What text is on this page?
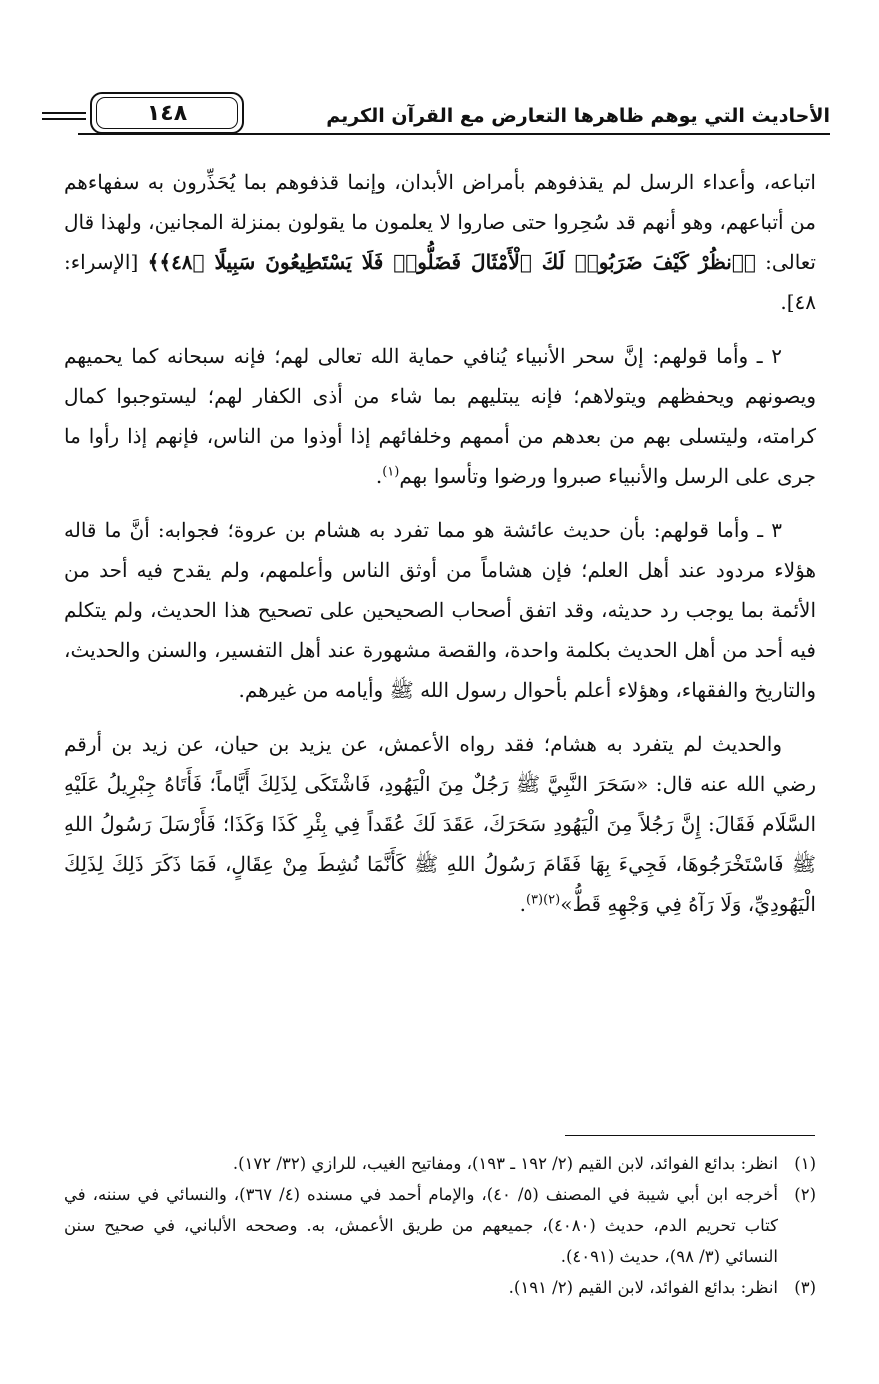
الأحاديث التي يوهم ظاهرها التعارض مع القرآن الكريم
١٤٨

اتباعه، وأعداء الرسل لم يقذفوهم بأمراض الأبدان، وإنما قذفوهم بما يُحَذِّرون به سفهاءهم من أتباعهم، وهو أنهم قد سُحِروا حتى صاروا لا يعلمون ما يقولون بمنزلة المجانين، ولهذا قال تعالى: ﴿ٱنظُرْ كَيْفَ ضَرَبُوا۟ لَكَ ٱلْأَمْثَالَ فَضَلُّوا۟ فَلَا يَسْتَطِيعُونَ سَبِيلًا ﴿٤٨﴾﴾ [الإسراء: ٤٨].

٢ ـ وأما قولهم: إنَّ سحر الأنبياء يُنافي حماية الله تعالى لهم؛ فإنه سبحانه كما يحميهم ويصونهم ويحفظهم ويتولاهم؛ فإنه يبتليهم بما شاء من أذى الكفار لهم؛ ليستوجبوا كمال كرامته، وليتسلى بهم من بعدهم من أممهم وخلفائهم إذا أوذوا من الناس، فإنهم إذا رأوا ما جرى على الرسل والأنبياء صبروا ورضوا وتأسوا بهم$^{(١)}$.

٣ ـ وأما قولهم: بأن حديث عائشة هو مما تفرد به هشام بن عروة؛ فجوابه: أنَّ ما قاله هؤلاء مردود عند أهل العلم؛ فإن هشاماً من أوثق الناس وأعلمهم، ولم يقدح فيه أحد من الأئمة بما يوجب رد حديثه، وقد اتفق أصحاب الصحيحين على تصحيح هذا الحديث، ولم يتكلم فيه أحد من أهل الحديث بكلمة واحدة، والقصة مشهورة عند أهل التفسير، والسنن والحديث، والتاريخ والفقهاء، وهؤلاء أعلم بأحوال رسول الله ﷺ وأيامه من غيرهم.

والحديث لم يتفرد به هشام؛ فقد رواه الأعمش، عن يزيد بن حيان، عن زيد بن أرقم رضي الله عنه قال: «سَحَرَ النَّبِيَّ ﷺ رَجُلٌ مِنَ الْيَهُودِ، فَاشْتَكَى لِذَلِكَ أَيَّاماً؛ فَأَتَاهُ جِبْرِيلُ عَلَيْهِ السَّلَام فَقَالَ: إِنَّ رَجُلاً مِنَ الْيَهُودِ سَحَرَكَ، عَقَدَ لَكَ عُقَداً فِي بِئْرِ كَذَا وَكَذَا؛ فَأَرْسَلَ رَسُولُ اللهِ ﷺ فَاسْتَخْرَجُوهَا، فَجِيءَ بِهَا فَقَامَ رَسُولُ اللهِ ﷺ كَأَنَّمَا نُشِطَ مِنْ عِقَالٍ، فَمَا ذَكَرَ ذَلِكَ لِذَلِكَ الْيَهُودِيِّ، وَلَا رَآهُ فِي وَجْهِهِ قَطُّ»$^{(٢)(٣)}$.

(١)
انظر: بدائع الفوائد، لابن القيم (٢/ ١٩٢ ـ ١٩٣)، ومفاتيح الغيب، للرازي (٣٢/ ١٧٢).

(٢)
أخرجه ابن أبي شيبة في المصنف (٥/ ٤٠)، والإمام أحمد في مسنده (٤/ ٣٦٧)، والنسائي في سننه، في كتاب تحريم الدم، حديث (٤٠٨٠)، جميعهم من طريق الأعمش، به. وصححه الألباني، في صحيح سنن النسائي (٣/ ٩٨)، حديث (٤٠٩١).

(٣)
انظر: بدائع الفوائد، لابن القيم (٢/ ١٩١).
